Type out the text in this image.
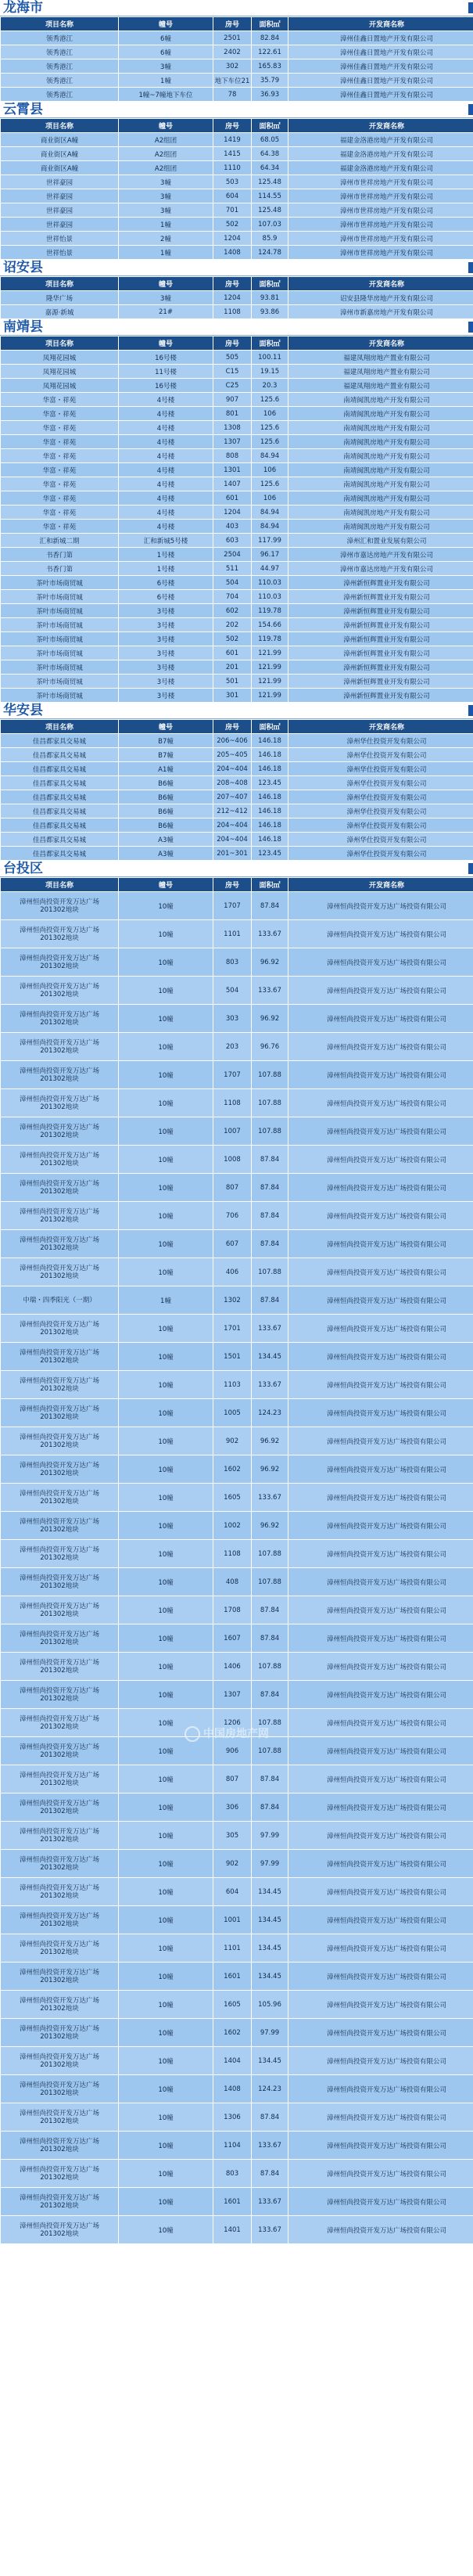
龙海市
项目名称	幢号	房号	面积㎡	开发商名称
领秀港江	6幢	2501	82.84	漳州佳鑫日置地产开发有限公司
领秀港江	6幢	2402	122.61	漳州佳鑫日置地产开发有限公司
领秀港江	3幢	302	165.83	漳州佳鑫日置地产开发有限公司
领秀港江	1幢	地下车位21	35.79	漳州佳鑫日置地产开发有限公司
领秀港江	1幢~7幢地下车位	78	36.93	漳州佳鑫日置地产开发有限公司
云霄县
项目名称	幢号	房号	面积㎡	开发商名称
商业街区A幢	A2组团	1419	68.05	福建金洛港房地产开发有限公司
商业街区A幢	A2组团	1415	64.38	福建金洛港房地产开发有限公司
商业街区A幢	A2组团	1110	64.34	福建金洛港房地产开发有限公司
世祥豪园	3幢	503	125.48	漳州市世祥房地产开发有限公司
世祥豪园	3幢	604	114.55	漳州市世祥房地产开发有限公司
世祥豪园	3幢	701	125.48	漳州市世祥房地产开发有限公司
世祥豪园	1幢	502	107.03	漳州市世祥房地产开发有限公司
世祥怡景	2幢	1204	85.9	漳州市世祥房地产开发有限公司
世祥怡景	1幢	1408	124.78	漳州市世祥房地产开发有限公司
诏安县
项目名称	幢号	房号	面积㎡	开发商名称
隆华广场	3幢	1204	93.81	诏安县隆华房地产开发有限公司
嘉源·新城	21#	1108	93.86	漳州市新嘉房地产开发有限公司
南靖县
项目名称	幢号	房号	面积㎡	开发商名称
凤翔花园城	16号楼	505	100.11	福建凤翔房地产置业有限公司
凤翔花园城	11号楼	C15	19.15	福建凤翔房地产置业有限公司
凤翔花园城	16号楼	C25	20.3	福建凤翔房地产置业有限公司
华富・祥苑	4号楼	907	125.6	南靖闽凯房地产开发有限公司
华富・祥苑	4号楼	801	106	南靖闽凯房地产开发有限公司
华富・祥苑	4号楼	1308	125.6	南靖闽凯房地产开发有限公司
华富・祥苑	4号楼	1307	125.6	南靖闽凯房地产开发有限公司
华富・祥苑	4号楼	808	84.94	南靖闽凯房地产开发有限公司
华富・祥苑	4号楼	1301	106	南靖闽凯房地产开发有限公司
华富・祥苑	4号楼	1407	125.6	南靖闽凯房地产开发有限公司
华富・祥苑	4号楼	601	106	南靖闽凯房地产开发有限公司
华富・祥苑	4号楼	1204	84.94	南靖闽凯房地产开发有限公司
华富・祥苑	4号楼	403	84.94	南靖闽凯房地产开发有限公司
汇和新城二期	汇和新城5号楼	603	117.99	漳州汇和置业发展有限公司
书香门第	1号楼	2504	96.17	漳州市嘉达房地产开发有限公司
书香门第	1号楼	511	44.97	漳州市嘉达房地产开发有限公司
茶叶市场商贸城	6号楼	504	110.03	漳州新恒辉置业开发有限公司
茶叶市场商贸城	6号楼	704	110.03	漳州新恒辉置业开发有限公司
茶叶市场商贸城	3号楼	602	119.78	漳州新恒辉置业开发有限公司
茶叶市场商贸城	3号楼	202	154.66	漳州新恒辉置业开发有限公司
茶叶市场商贸城	3号楼	502	119.78	漳州新恒辉置业开发有限公司
茶叶市场商贸城	3号楼	601	121.99	漳州新恒辉置业开发有限公司
茶叶市场商贸城	3号楼	201	121.99	漳州新恒辉置业开发有限公司
茶叶市场商贸城	3号楼	501	121.99	漳州新恒辉置业开发有限公司
茶叶市场商贸城	3号楼	301	121.99	漳州新恒辉置业开发有限公司
华安县
项目名称	幢号	房号	面积㎡	开发商名称
佳昌都家具交易城	B7幢	206~406	146.18	漳州华仕投资开发有限公司
佳昌都家具交易城	B7幢	205~405	146.18	漳州华仕投资开发有限公司
佳昌都家具交易城	A1幢	204~404	146.18	漳州华仕投资开发有限公司
佳昌都家具交易城	B6幢	208~408	123.45	漳州华仕投资开发有限公司
佳昌都家具交易城	B6幢	207~407	146.18	漳州华仕投资开发有限公司
佳昌都家具交易城	B6幢	212~412	146.18	漳州华仕投资开发有限公司
佳昌都家具交易城	B6幢	204~404	146.18	漳州华仕投资开发有限公司
佳昌都家具交易城	A3幢	204~404	146.18	漳州华仕投资开发有限公司
佳昌都家具交易城	A3幢	201~301	123.45	漳州华仕投资开发有限公司
台投区
项目名称	幢号	房号	面积㎡	开发商名称
漳州恒尚投资开发万达广场
201302地块	10幢	1707	87.84	漳州恒尚投资开发万达广场投资有限公司
漳州恒尚投资开发万达广场
201302地块	10幢	1101	133.67	漳州恒尚投资开发万达广场投资有限公司
漳州恒尚投资开发万达广场
201302地块	10幢	803	96.92	漳州恒尚投资开发万达广场投资有限公司
漳州恒尚投资开发万达广场
201302地块	10幢	504	133.67	漳州恒尚投资开发万达广场投资有限公司
漳州恒尚投资开发万达广场
201302地块	10幢	303	96.92	漳州恒尚投资开发万达广场投资有限公司
漳州恒尚投资开发万达广场
201302地块	10幢	203	96.76	漳州恒尚投资开发万达广场投资有限公司
漳州恒尚投资开发万达广场
201302地块	10幢	1707	107.88	漳州恒尚投资开发万达广场投资有限公司
漳州恒尚投资开发万达广场
201302地块	10幢	1108	107.88	漳州恒尚投资开发万达广场投资有限公司
漳州恒尚投资开发万达广场
201302地块	10幢	1007	107.88	漳州恒尚投资开发万达广场投资有限公司
漳州恒尚投资开发万达广场
201302地块	10幢	1008	87.84	漳州恒尚投资开发万达广场投资有限公司
漳州恒尚投资开发万达广场
201302地块	10幢	807	87.84	漳州恒尚投资开发万达广场投资有限公司
漳州恒尚投资开发万达广场
201302地块	10幢	706	87.84	漳州恒尚投资开发万达广场投资有限公司
漳州恒尚投资开发万达广场
201302地块	10幢	607	87.84	漳州恒尚投资开发万达广场投资有限公司
漳州恒尚投资开发万达广场
201302地块	10幢	406	107.88	漳州恒尚投资开发万达广场投资有限公司
中瑞・四季阳光（一期）	1幢	1302	87.84	漳州恒尚投资开发万达广场投资有限公司
漳州恒尚投资开发万达广场
201302地块	10幢	1701	133.67	漳州恒尚投资开发万达广场投资有限公司
漳州恒尚投资开发万达广场
201302地块	10幢	1501	134.45	漳州恒尚投资开发万达广场投资有限公司
漳州恒尚投资开发万达广场
201302地块	10幢	1103	133.67	漳州恒尚投资开发万达广场投资有限公司
漳州恒尚投资开发万达广场
201302地块	10幢	1005	124.23	漳州恒尚投资开发万达广场投资有限公司
漳州恒尚投资开发万达广场
201302地块	10幢	902	96.92	漳州恒尚投资开发万达广场投资有限公司
漳州恒尚投资开发万达广场
201302地块	10幢	1602	96.92	漳州恒尚投资开发万达广场投资有限公司
漳州恒尚投资开发万达广场
201302地块	10幢	1605	133.67	漳州恒尚投资开发万达广场投资有限公司
漳州恒尚投资开发万达广场
201302地块	10幢	1002	96.92	漳州恒尚投资开发万达广场投资有限公司
漳州恒尚投资开发万达广场
201302地块	10幢	1108	107.88	漳州恒尚投资开发万达广场投资有限公司
漳州恒尚投资开发万达广场
201302地块	10幢	408	107.88	漳州恒尚投资开发万达广场投资有限公司
漳州恒尚投资开发万达广场
201302地块	10幢	1708	87.84	漳州恒尚投资开发万达广场投资有限公司
漳州恒尚投资开发万达广场
201302地块	10幢	1607	87.84	漳州恒尚投资开发万达广场投资有限公司
漳州恒尚投资开发万达广场
201302地块	10幢	1406	107.88	漳州恒尚投资开发万达广场投资有限公司
漳州恒尚投资开发万达广场
201302地块	10幢	1307	87.84	漳州恒尚投资开发万达广场投资有限公司
漳州恒尚投资开发万达广场
201302地块	10幢	1206	107.88	漳州恒尚投资开发万达广场投资有限公司
漳州恒尚投资开发万达广场
201302地块	10幢	906	107.88	漳州恒尚投资开发万达广场投资有限公司
漳州恒尚投资开发万达广场
201302地块	10幢	807	87.84	漳州恒尚投资开发万达广场投资有限公司
漳州恒尚投资开发万达广场
201302地块	10幢	306	87.84	漳州恒尚投资开发万达广场投资有限公司
漳州恒尚投资开发万达广场
201302地块	10幢	305	97.99	漳州恒尚投资开发万达广场投资有限公司
漳州恒尚投资开发万达广场
201302地块	10幢	902	97.99	漳州恒尚投资开发万达广场投资有限公司
漳州恒尚投资开发万达广场
201302地块	10幢	604	134.45	漳州恒尚投资开发万达广场投资有限公司
漳州恒尚投资开发万达广场
201302地块	10幢	1001	134.45	漳州恒尚投资开发万达广场投资有限公司
漳州恒尚投资开发万达广场
201302地块	10幢	1101	134.45	漳州恒尚投资开发万达广场投资有限公司
漳州恒尚投资开发万达广场
201302地块	10幢	1601	134.45	漳州恒尚投资开发万达广场投资有限公司
漳州恒尚投资开发万达广场
201302地块	10幢	1605	105.96	漳州恒尚投资开发万达广场投资有限公司
漳州恒尚投资开发万达广场
201302地块	10幢	1602	97.99	漳州恒尚投资开发万达广场投资有限公司
漳州恒尚投资开发万达广场
201302地块	10幢	1404	134.45	漳州恒尚投资开发万达广场投资有限公司
漳州恒尚投资开发万达广场
201302地块	10幢	1408	124.23	漳州恒尚投资开发万达广场投资有限公司
漳州恒尚投资开发万达广场
201302地块	10幢	1306	87.84	漳州恒尚投资开发万达广场投资有限公司
漳州恒尚投资开发万达广场
201302地块	10幢	1104	133.67	漳州恒尚投资开发万达广场投资有限公司
漳州恒尚投资开发万达广场
201302地块	10幢	803	87.84	漳州恒尚投资开发万达广场投资有限公司
漳州恒尚投资开发万达广场
201302地块	10幢	1601	133.67	漳州恒尚投资开发万达广场投资有限公司
漳州恒尚投资开发万达广场
201302地块	10幢	1401	133.67	漳州恒尚投资开发万达广场投资有限公司
中国房地产网
